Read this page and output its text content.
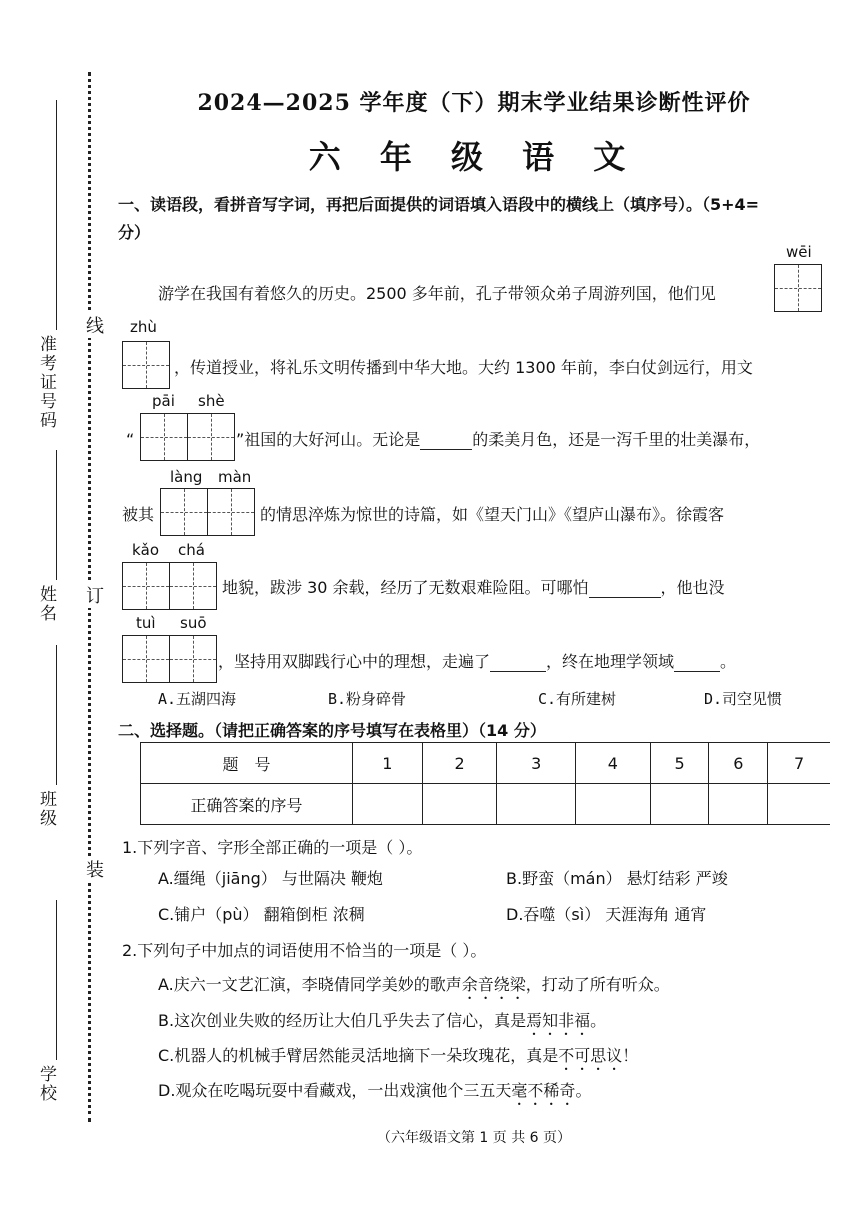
准考证号码
姓名
班级
学校
线
订
装
2024—2025 学年度（下）期末学业结果诊断性评价
六 年 级 语 文
一、读语段，看拼音写字词，再把后面提供的词语填入语段中的横线上（填序号）。（5+4=
分）
wēi
游学在我国有着悠久的历史。2500 多年前，孔子带领众弟子周游列国，他们见
zhù
，传道授业，将礼乐文明传播到中华大地。大约 1300 年前，李白仗剑远行，用文
pāi shè
“	”祖国的大好河山。无论是	的柔美月色，还是一泻千里的壮美瀑布，
làng màn
被其	的情思淬炼为惊世的诗篇，如《望天门山》《望庐山瀑布》。徐霞客
kǎo chá
地貌，跋涉 30 余载，经历了无数艰难险阻。可哪怕	，他也没
tuì suō
，坚持用双脚践行心中的理想，走遍了	，终在地理学领域	。
A.五湖四海	B.粉身碎骨	C.有所建树	D.司空见惯
二、选择题。（请把正确答案的序号填写在表格里）（14 分）
题　号	1	2	3	4	5	6	7
正确答案的序号							
1.下列字音、字形全部正确的一项是（ ）。
A.缰绳（jiāng） 与世隔决 鞭炮	B.野蛮（mán） 悬灯结彩 严竣
C.铺户（pù） 翻箱倒柜 浓稠	D.吞噬（sì） 天涯海角 通宵
2.下列句子中加点的词语使用不恰当的一项是（ ）。
A.庆六一文艺汇演，李晓倩同学美妙的歌声余音绕梁，打动了所有听众。
B.这次创业失败的经历让大伯几乎失去了信心，真是焉知非福。
C.机器人的机械手臂居然能灵活地摘下一朵玫瑰花，真是不可思议！
D.观众在吃喝玩耍中看藏戏，一出戏演他个三五天毫不稀奇。
（六年级语文第 1 页 共 6 页）
